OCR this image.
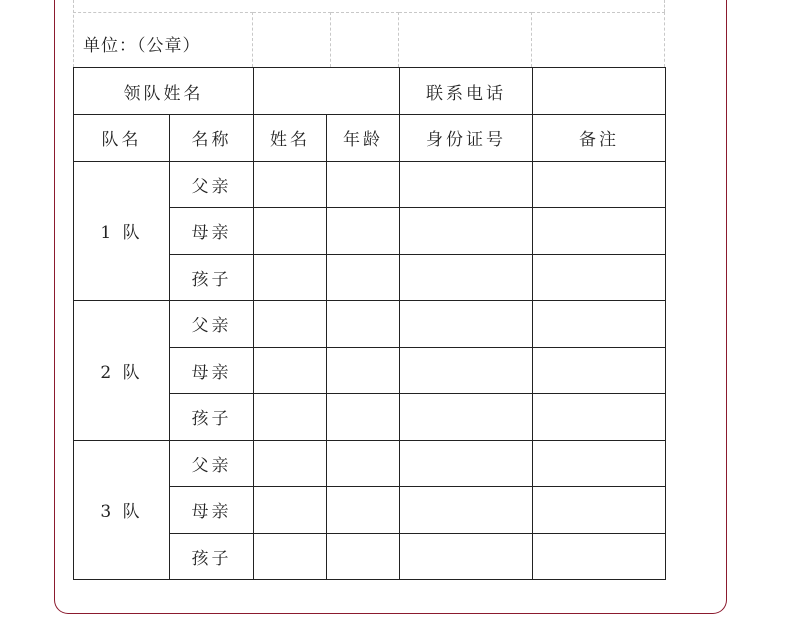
单位：（公章）
领队姓名				联系电话	
队名	名称	姓名	年龄	身份证号	备注
1 队	父亲				
	母亲				
	孩子				
2 队	父亲				
	母亲				
	孩子				
3 队	父亲				
	母亲				
	孩子				
